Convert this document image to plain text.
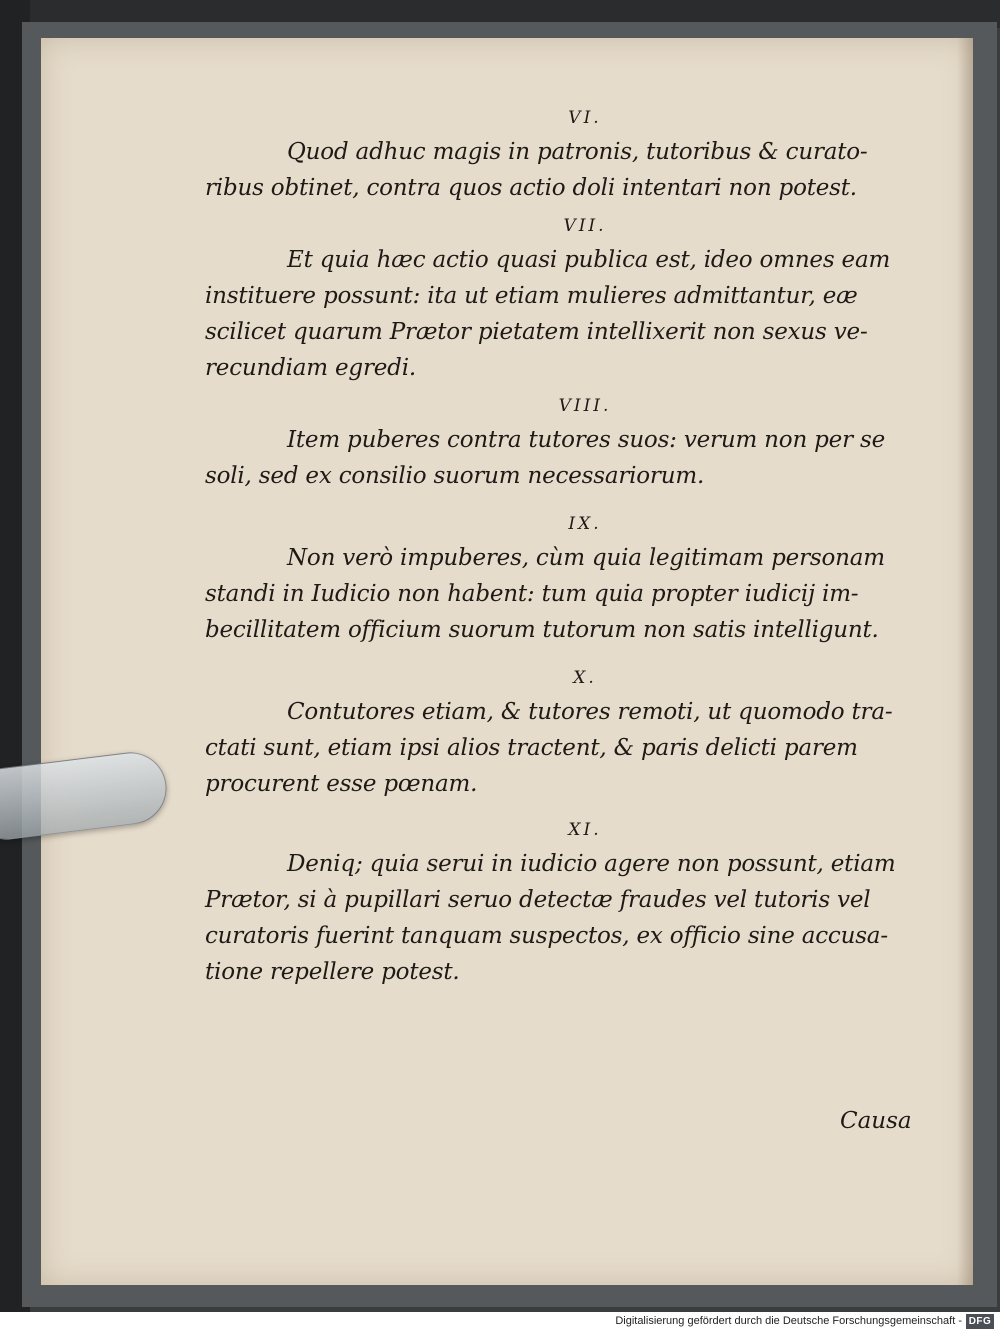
VI.
Quod adhuc magis in patronis, tutoribus & curato-
ribus obtinet, contra quos actio doli intentari non potest.
VII.
Et quia hæc actio quasi publica est, ideo omnes eam
instituere possunt: ita ut etiam mulieres admittantur, eæ
scilicet quarum Prætor pietatem intellixerit non sexus ve-
recundiam egredi.
VIII.
Item puberes contra tutores suos: verum non per se
soli, sed ex consilio suorum necessariorum.
IX.
Non verò impuberes, cùm quia legitimam personam
standi in Iudicio non habent: tum quia propter iudicij im-
becillitatem officium suorum tutorum non satis intelligunt.
X.
Contutores etiam, & tutores remoti, ut quomodo tra-
ctati sunt, etiam ipsi alios tractent, & paris delicti parem
procurent esse pœnam.
XI.
Deniq; quia serui in iudicio agere non possunt, etiam
Prætor, si à pupillari seruo detectæ fraudes vel tutoris vel
curatoris fuerint tanquam suspectos, ex officio sine accusa-
tione repellere potest.
Causa
Digitalisierung gefördert durch die Deutsche Forschungsgemeinschaft - DFG
